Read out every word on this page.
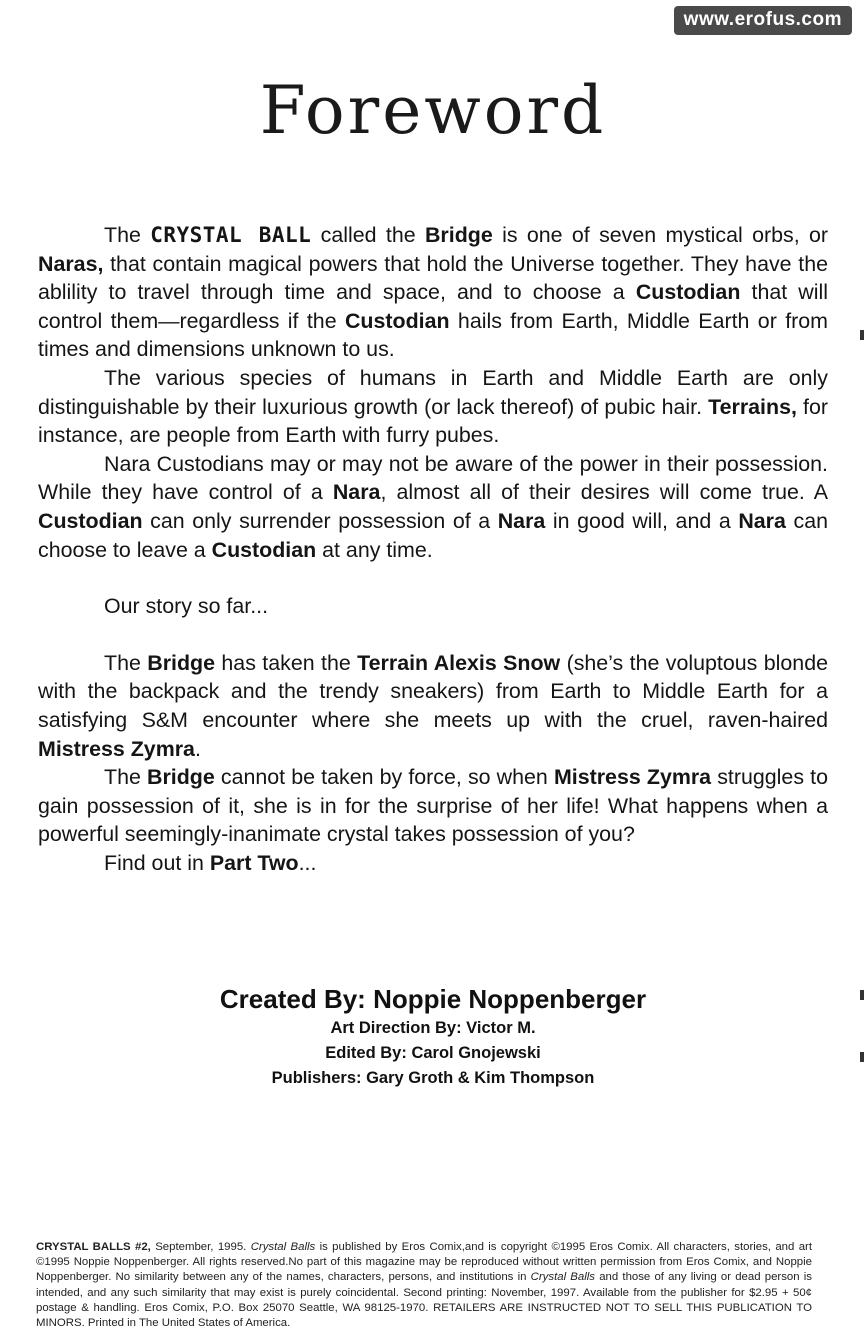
www.erofus.com
Foreword

The CRYSTAL BALL called the Bridge is one of seven mystical orbs, or Naras, that contain magical powers that hold the Universe together. They have the ablility to travel through time and space, and to choose a Custodian that will control them—regardless if the Custodian hails from Earth, Middle Earth or from times and dimensions unknown to us.

The various species of humans in Earth and Middle Earth are only distinguishable by their luxurious growth (or lack thereof) of pubic hair. Terrains, for instance, are people from Earth with furry pubes.

Nara Custodians may or may not be aware of the power in their possession. While they have control of a Nara, almost all of their desires will come true. A Custodian can only surrender possession of a Nara in good will, and a Nara can choose to leave a Custodian at any time.

Our story so far...

The Bridge has taken the Terrain Alexis Snow (she’s the voluptous blonde with the backpack and the trendy sneakers) from Earth to Middle Earth for a satisfying S&M encounter where she meets up with the cruel, raven-haired Mistress Zymra.

The Bridge cannot be taken by force, so when Mistress Zymra struggles to gain possession of it, she is in for the surprise of her life! What happens when a powerful seemingly-inanimate crystal takes possession of you?

Find out in Part Two...

Created By: Noppie Noppenberger
Art Direction By: Victor M.
Edited By: Carol Gnojewski
Publishers: Gary Groth & Kim Thompson
CRYSTAL BALLS #2, September, 1995. Crystal Balls is published by Eros Comix,and is copyright ©1995 Eros Comix. All characters, stories, and art ©1995 Noppie Noppenberger. All rights reserved.No part of this magazine may be reproduced without written permission from Eros Comix, and Noppie Noppenberger. No similarity between any of the names, characters, persons, and institutions in Crystal Balls and those of any living or dead person is intended, and any such similarity that may exist is purely coincidental. Second printing: November, 1997. Available from the publisher for $2.95 + 50¢ postage & handling. Eros Comix, P.O. Box 25070 Seattle, WA 98125-1970. RETAILERS ARE INSTRUCTED NOT TO SELL THIS PUBLICATION TO MINORS. Printed in The United States of America.
